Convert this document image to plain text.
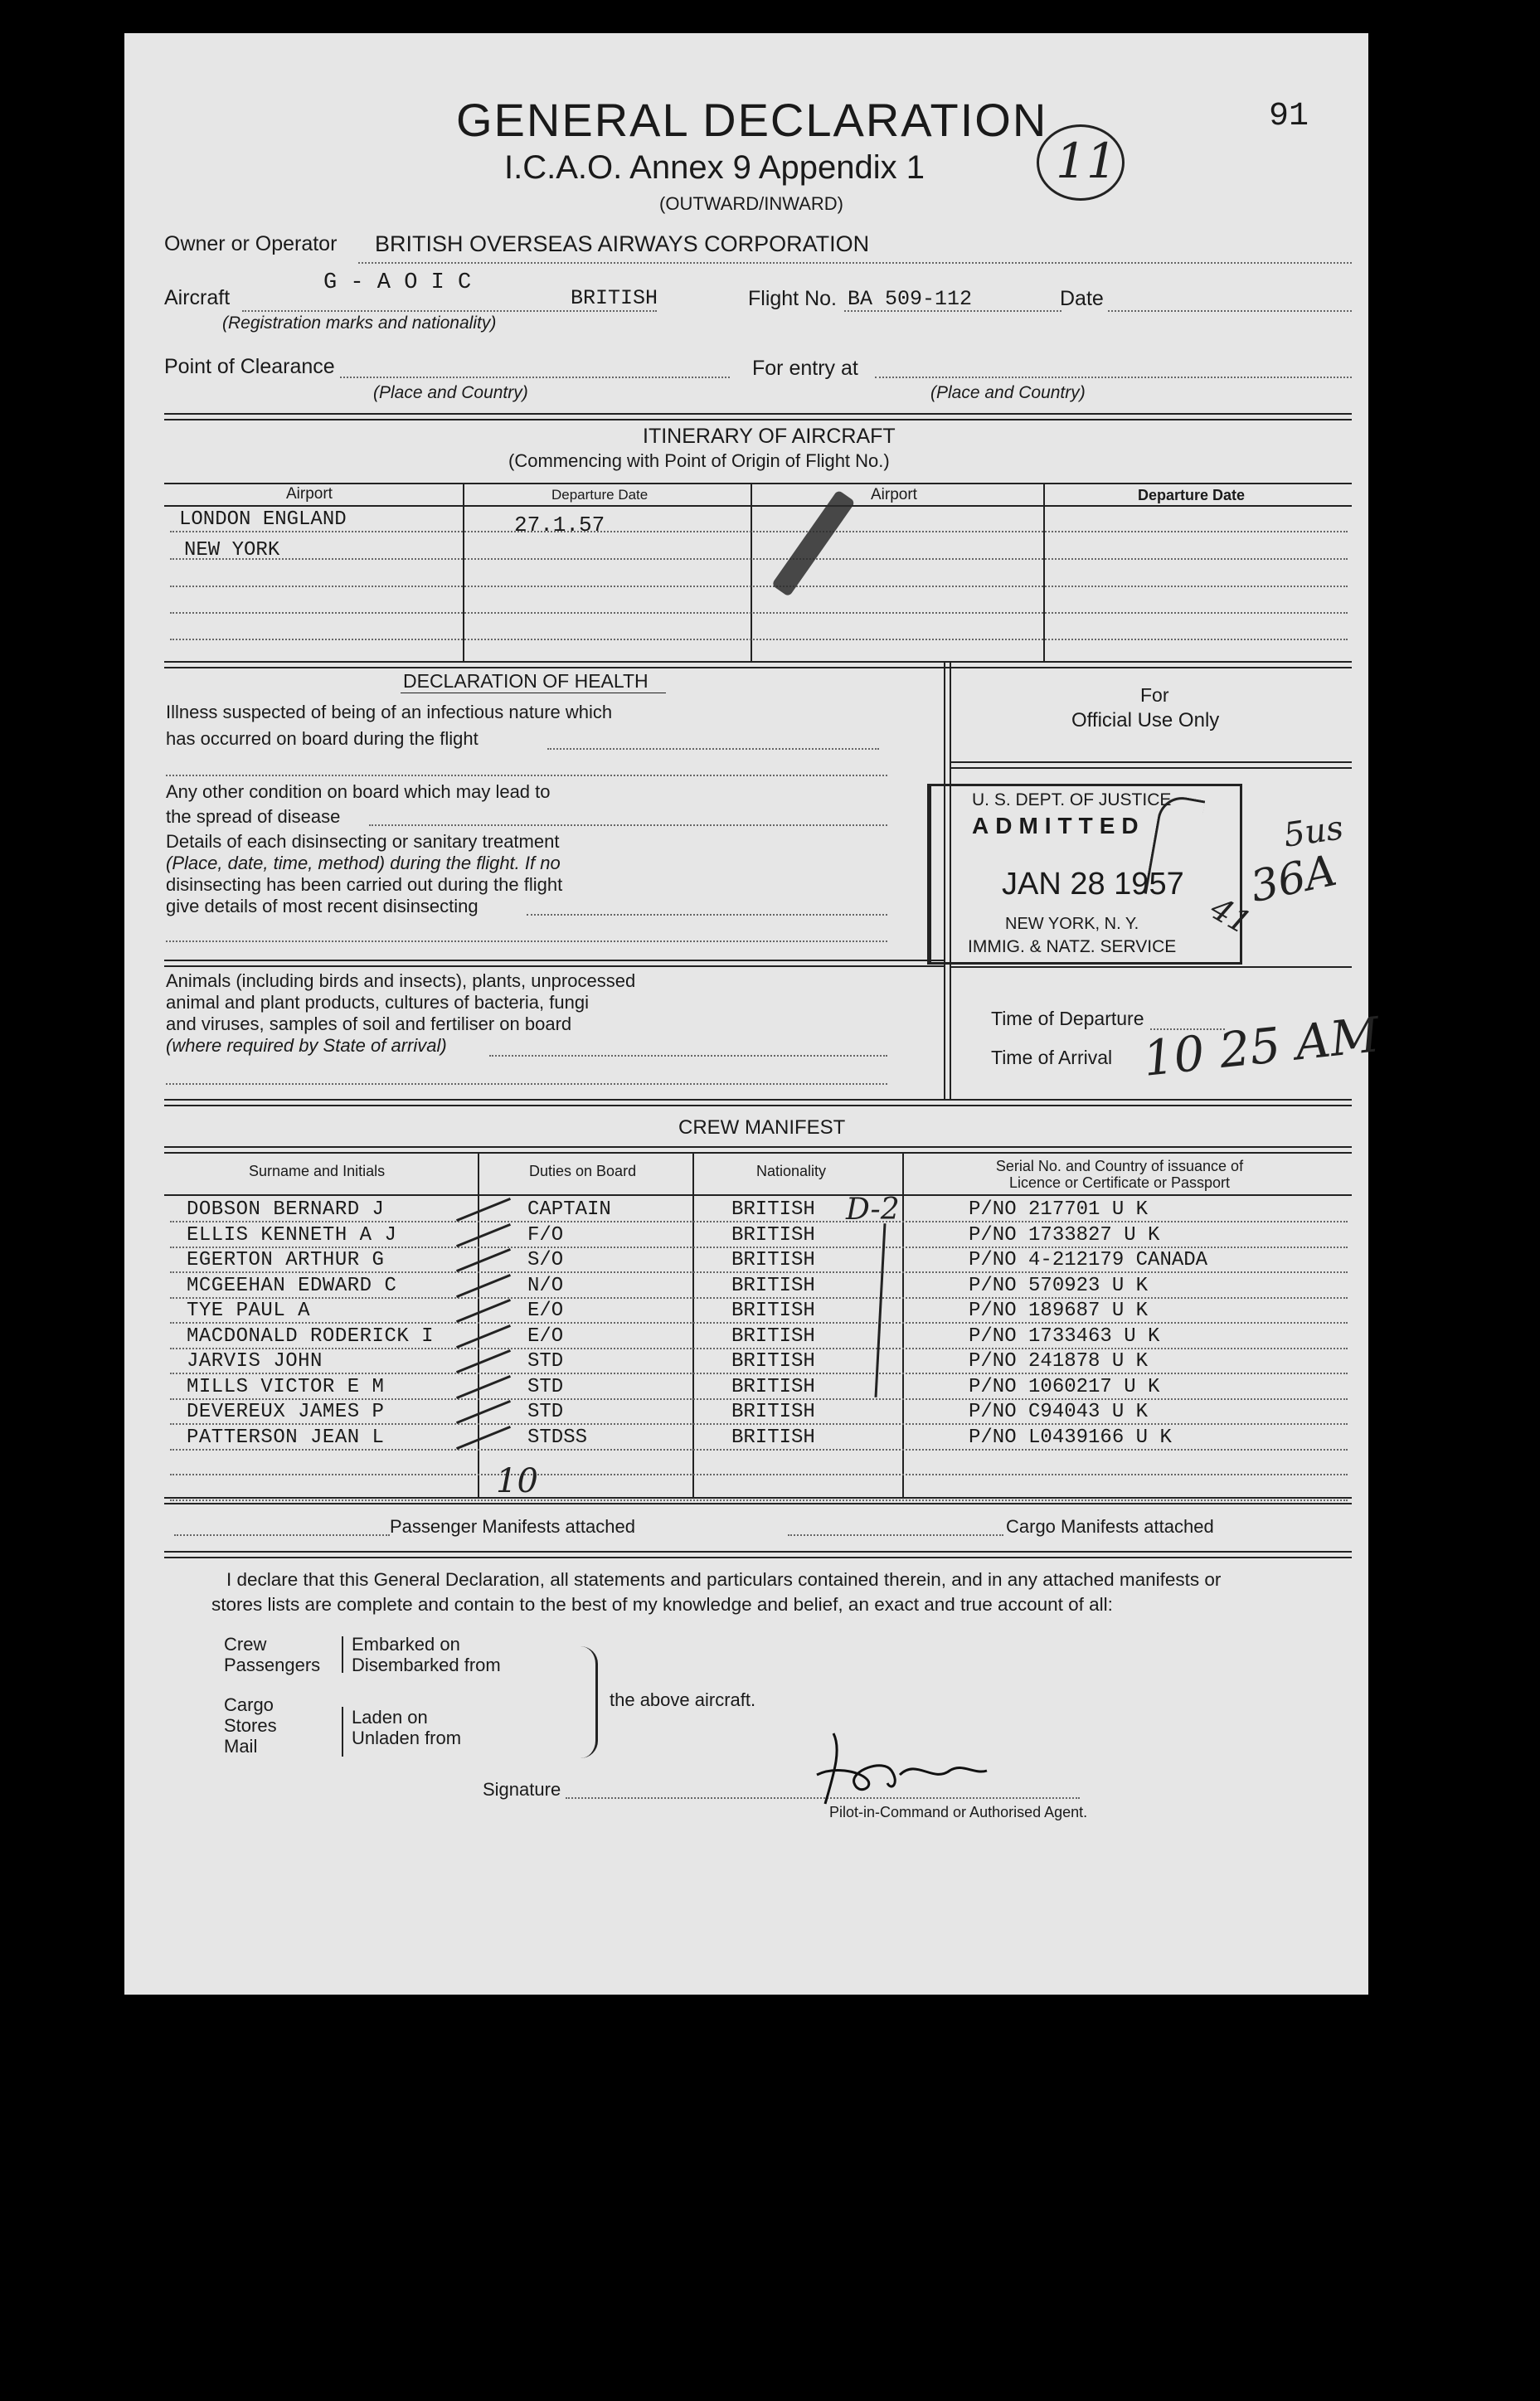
91
GENERAL DECLARATION
I.C.A.O. Annex 9 Appendix 1	11
(OUTWARD/INWARD)
Owner or Operator BRITISH OVERSEAS AIRWAYS CORPORATION
Aircraft
G - A O I C
BRITISH
(Registration marks and nationality)
Flight No. BA 509-112	Date
Point of Clearance
(Place and Country)
For entry at
(Place and Country)
ITINERARY OF AIRCRAFT
(Commencing with Point of Origin of Flight No.)
Airport	Departure Date	Airport	Departure Date
LONDON ENGLAND	27.1.57
NEW YORK
DECLARATION OF HEALTH
Illness suspected of being of an infectious nature which
has occurred on board during the flight
Any other condition on board which may lead to
the spread of disease
Details of each disinsecting or sanitary treatment
(Place, date, time, method) during the flight. If no
disinsecting has been carried out during the flight
give details of most recent disinsecting
Animals (including birds and insects), plants, unprocessed
animal and plant products, cultures of bacteria, fungi
and viruses, samples of soil and fertiliser on board
(where required by State of arrival)
For
Official Use Only
U. S. DEPT. OF JUSTICE
ADMITTED
JAN 28 1957
NEW YORK, N. Y.
IMMIG. & NATZ. SERVICE
5us
36A
41
Time of Departure
Time of Arrival 10 25 AM
CREW MANIFEST
Surname and Initials	Duties on Board	Nationality	Serial No. and Country of issuance of Licence or Certificate or Passport
DOBSON BERNARD J	CAPTAIN	BRITISH	P/NO 217701 U K
ELLIS KENNETH A J	F/O	BRITISH	P/NO 1733827 U K
EGERTON ARTHUR G	S/O	BRITISH	P/NO 4-212179 CANADA
MCGEEHAN EDWARD C	N/O	BRITISH	P/NO 570923 U K
TYE PAUL A	E/O	BRITISH	P/NO 189687 U K
MACDONALD RODERICK I	E/O	BRITISH	P/NO 1733463 U K
JARVIS JOHN	STD	BRITISH	P/NO 241878 U K
MILLS VICTOR E M	STD	BRITISH	P/NO 1060217 U K
DEVEREUX JAMES P	STD	BRITISH	P/NO C94043 U K
PATTERSON JEAN L	STDSS	BRITISH	P/NO L0439166 U K
10
D-2
Passenger Manifests attached	Cargo Manifests attached
I declare that this General Declaration, all statements and particulars contained therein, and in any attached manifests or
stores lists are complete and contain to the best of my knowledge and belief, an exact and true account of all:
Crew
Passengers
Embarked on
Disembarked from
Cargo
Stores
Mail
Laden on
Unladen from
the above aircraft.
Signature
Pilot-in-Command or Authorised Agent.
